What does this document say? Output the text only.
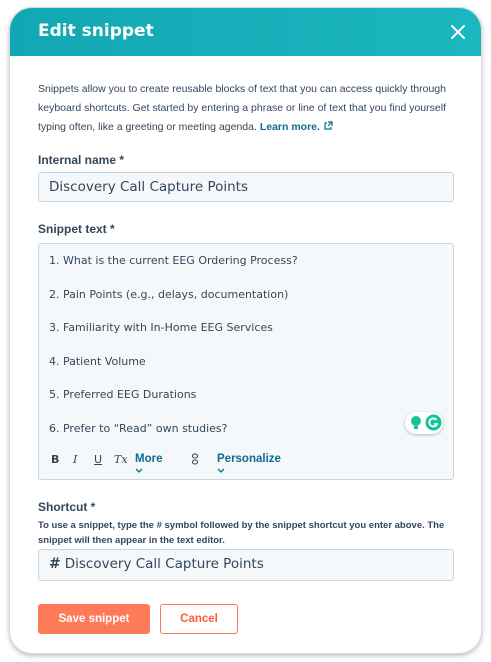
Edit snippet
Snippets allow you to create reusable blocks of text that you can access quickly through keyboard shortcuts. Get started by entering a phrase or line of text that you find yourself typing often, like a greeting or meeting agenda. Learn more.
Internal name *
Discovery Call Capture Points
Snippet text *
1. What is the current EEG Ordering Process?
2. Pain Points (e.g., delays, documentation)
3. Familiarity with In-Home EEG Services
4. Patient Volume
5. Preferred EEG Durations
6. Prefer to “Read” own studies?
B I U Tx More	Personalize
Shortcut *
To use a snippet, type the # symbol followed by the snippet shortcut you enter above. The snippet will then appear in the text editor.
# Discovery Call Capture Points
Save snippet	Cancel
